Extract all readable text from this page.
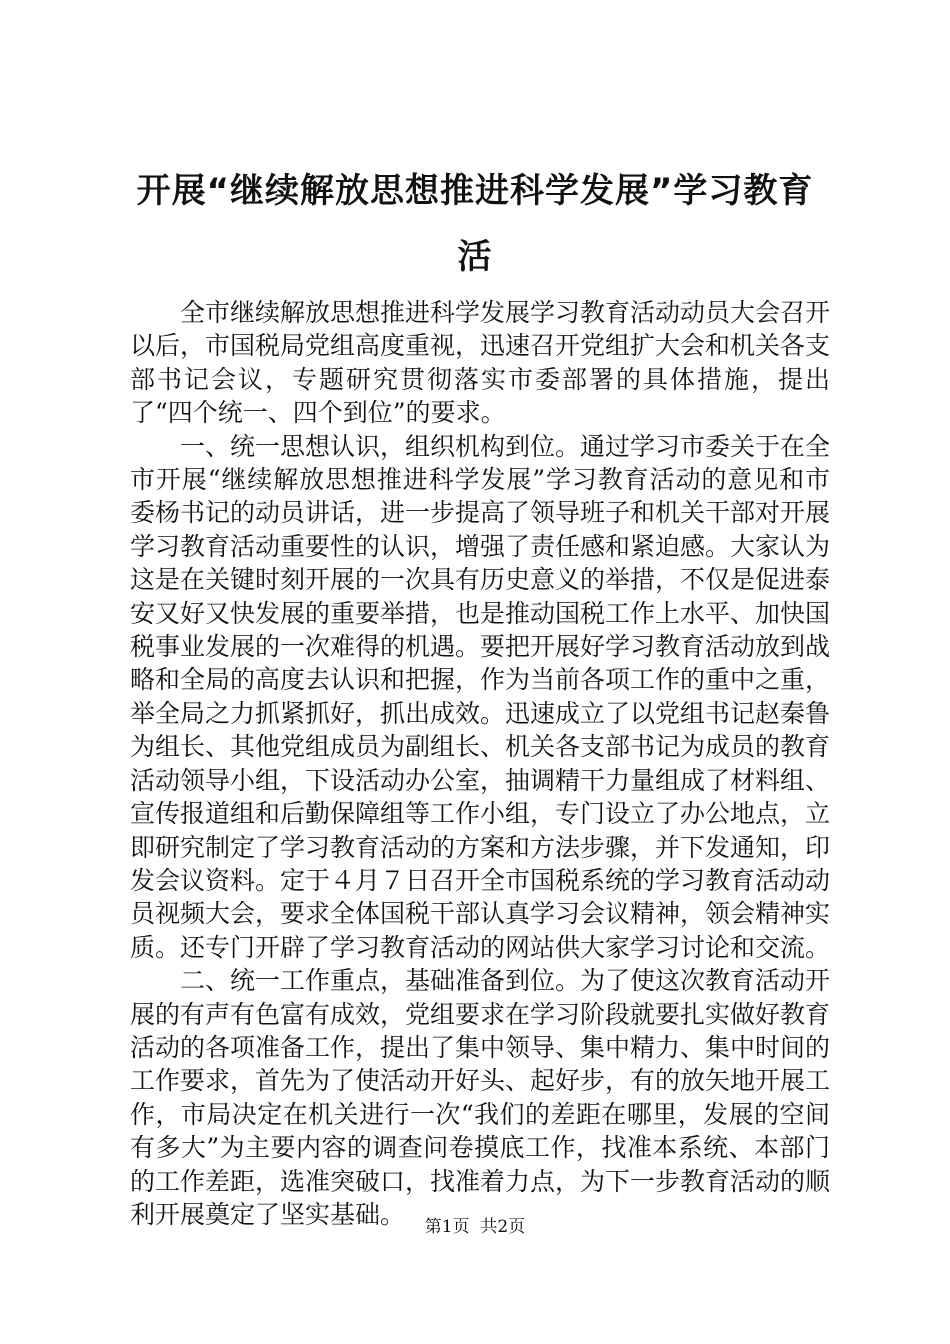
开展“继续解放思想推进科学发展”学习教育活

全市继续解放思想推进科学发展学习教育活动动员大会召开以后，市国税局党组高度重视，迅速召开党组扩大会和机关各支部书记会议，专题研究贯彻落实市委部署的具体措施，提出了“四个统一、四个到位”的要求。

一、统一思想认识，组织机构到位。通过学习市委关于在全市开展“继续解放思想推进科学发展”学习教育活动的意见和市委杨书记的动员讲话，进一步提高了领导班子和机关干部对开展学习教育活动重要性的认识，增强了责任感和紧迫感。大家认为这是在关键时刻开展的一次具有历史意义的举措，不仅是促进泰安又好又快发展的重要举措，也是推动国税工作上水平、加快国税事业发展的一次难得的机遇。要把开展好学习教育活动放到战略和全局的高度去认识和把握，作为当前各项工作的重中之重，举全局之力抓紧抓好，抓出成效。迅速成立了以党组书记赵秦鲁为组长、其他党组成员为副组长、机关各支部书记为成员的教育活动领导小组，下设活动办公室，抽调精干力量组成了材料组、宣传报道组和后勤保障组等工作小组，专门设立了办公地点，立即研究制定了学习教育活动的方案和方法步骤，并下发通知，印发会议资料。定于４月７日召开全市国税系统的学习教育活动动员视频大会，要求全体国税干部认真学习会议精神，领会精神实质。还专门开辟了学习教育活动的网站供大家学习讨论和交流。

二、统一工作重点，基础准备到位。为了使这次教育活动开展的有声有色富有成效，党组要求在学习阶段就要扎实做好教育活动的各项准备工作，提出了集中领导、集中精力、集中时间的工作要求，首先为了使活动开好头、起好步，有的放矢地开展工作，市局决定在机关进行一次“我们的差距在哪里，发展的空间有多大”为主要内容的调查问卷摸底工作，找准本系统、本部门的工作差距，选准突破口，找准着力点，为下一步教育活动的顺利开展奠定了坚实基础。	第1页 共2页
